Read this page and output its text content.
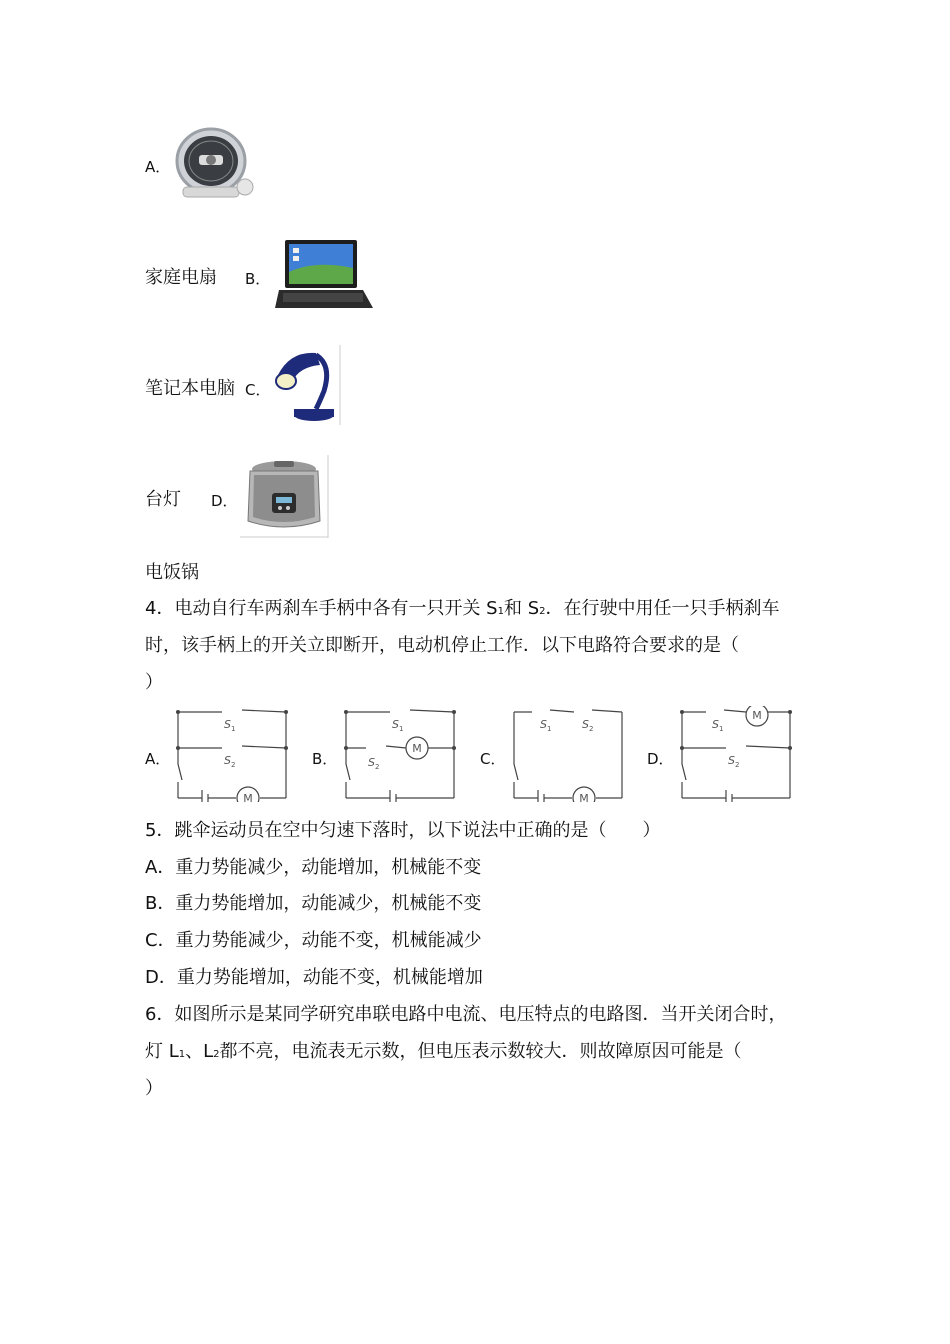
A．
家庭电扇 B．
笔记本电脑 C．
台灯 D．
电饭锅
4．电动自行车两刹车手柄中各有一只开关 S1和 S2．在行驶中用任一只手柄刹车
时，该手柄上的开关立即断开，电动机停止工作．以下电路符合要求的是（
）
A．	B．	C．	D．
S 1
S 2
M
S 1
S 2
M
S 1	S 2
M
S 1
S 2
M
5．跳伞运动员在空中匀速下落时，以下说法中正确的是（　　）
A．重力势能减少，动能增加，机械能不变
B．重力势能增加，动能减少，机械能不变
C．重力势能减少，动能不变，机械能减少
D．重力势能增加，动能不变，机械能增加
6．如图所示是某同学研究串联电路中电流、电压特点的电路图．当开关闭合时，
灯 L1、L2都不亮，电流表无示数，但电压表示数较大．则故障原因可能是（
）
